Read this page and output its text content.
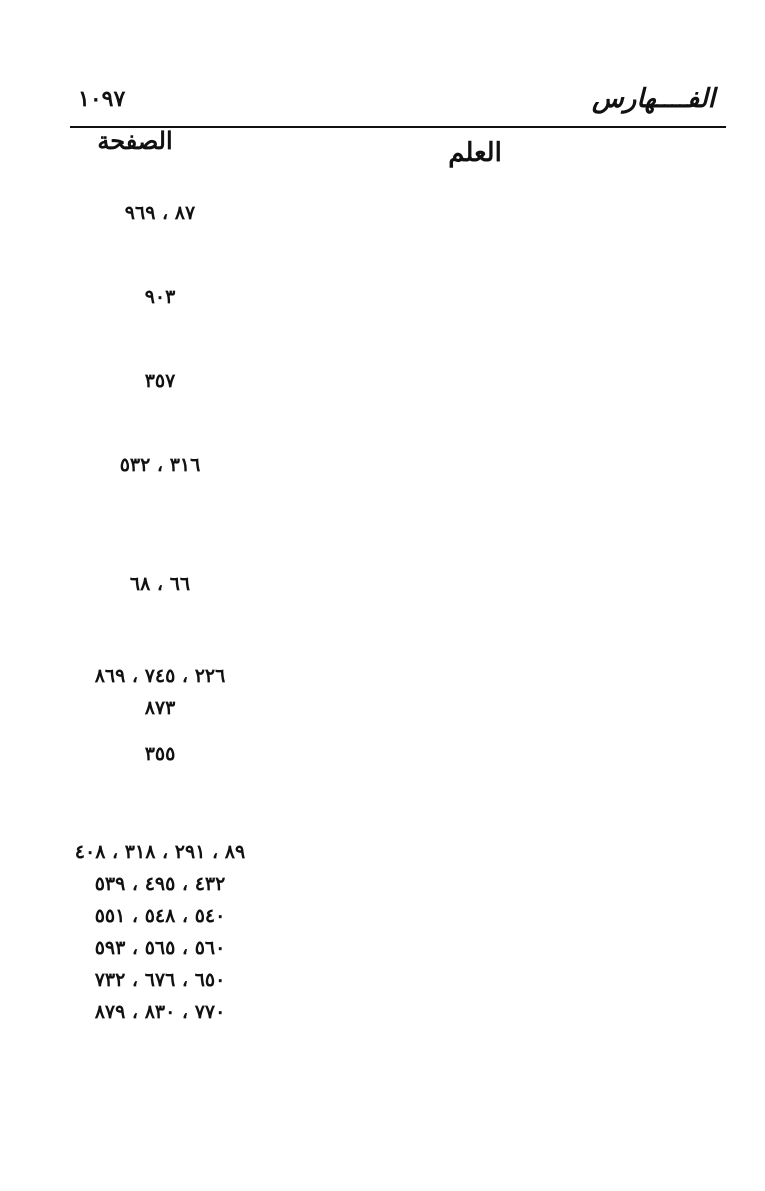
الفــــهارس
١٠٩٧
العلم
الصفحة

٨٧ ، ٩٦٩

٩٠٣

٣٥٧

٣١٦ ، ٥٣٢

٦٦ ، ٦٨

٢٢٦ ، ٧٤٥ ، ٨٦٩
٨٧٣

٣٥٥

٨٩ ، ٢٩١ ، ٣١٨ ، ٤٠٨
٤٣٢ ، ٤٩٥ ، ٥٣٩
٥٤٠ ، ٥٤٨ ، ٥٥١
٥٦٠ ، ٥٦٥ ، ٥٩٣
٦٥٠ ، ٦٧٦ ، ٧٣٢
٧٧٠ ، ٨٣٠ ، ٨٧٩
